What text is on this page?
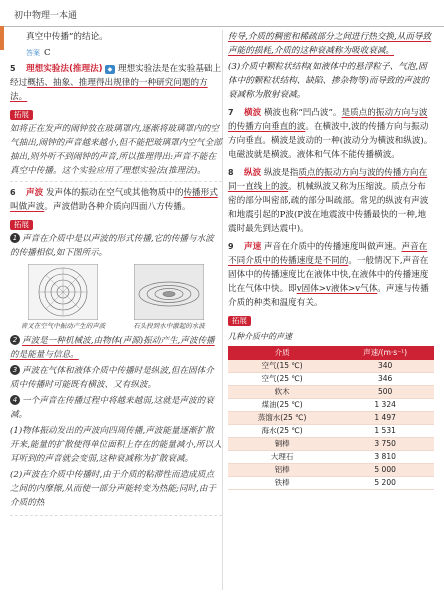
初中物理一本通

真空中传播”的结论。

答案 C

5 理想实验法(推理法) ◆ 理想实验法是在实验基础上经过概括、抽象、推理得出规律的一种研究问题的方法。

拓展
如将正在发声的闹钟放在玻璃罩内,逐渐将玻璃罩内的空气抽出,闹钟的声音越来越小,但不能把玻璃罩内空气全部抽出,则外听不到闹钟的声音,所以推理得出:声音不能在真空中传播。这个实验应用了理想实验法(推理法)。

6 声波 发声体的振动在空气或其他物质中的传播形式叫做声波。声波借助各种介质向四面八方传播。

拓展

1 声音在介质中是以声波的形式传播,它的传播与水波的传播相似,如下图所示。

音叉在空气中振动产生的声波	石头投到水中激起的水波

2 声波是一种机械波,由物体(声源)振动产生,声波传播的是能量与信息。

3 声波在气体和液体介质中传播时是纵波,但在固体介质中传播时可能既有横波、又有纵波。

4 一个声音在传播过程中将越来越弱,这就是声波的衰减。

(1)物体振动发出的声波向四周传播,声波能量逐渐扩散开来,能量的扩散使得单位面积上存在的能量减小,所以人耳听到的声音就会变弱,这种衰减称为扩散衰减。

(2)声波在介质中传播时,由于介质的粘滞性而造成质点之间的内摩擦,从而使一部分声能转变为热能;同时,由于介质的热

传导,介质的稠密和稀疏部分之间进行热交换,从而导致声能的损耗,介质的这种衰减称为吸收衰减。

(3)介质中颗粒状结构(如液体中的悬浮粒子、气泡,固体中的颗粒状结构、缺陷、掺杂物等)而导致的声波的衰减称为散射衰减。

7 横波 横波也称“凹凸波”。是质点的振动方向与波的传播方向垂直的波。在横波中,波的传播方向与振动方向垂直。横波是波动的一种(波动分为横波和纵波)。电磁波就是横波。液体和气体不能传播横波。

8 纵波 纵波是指质点的振动方向与波的传播方向在同一直线上的波。机械纵波又称为压缩波。质点分布密的部分叫密部,疏的部分叫疏部。常见的纵波有声波和地震引起的P波(P波在地震波中传播最快的一种,地震时最先到达震中)。

9 声速 声音在介质中的传播速度叫做声速。声音在不同介质中的传播速度是不同的。一般情况下,声音在固体中的传播速度比在液体中快,在液体中的传播速度比在气体中快。即v固体>v液体>v气体。声速与传播介质的种类和温度有关。

拓展
几种介质中的声速
介质	声速/(m·s⁻¹)
空气(15 ℃)	340
空气(25 ℃)	346
软木	500
煤油(25 ℃)	1 324
蒸馏水(25 ℃)	1 497
海水(25 ℃)	1 531
铜棒	3 750
大理石	3 810
铝棒	5 000
铁棒	5 200
